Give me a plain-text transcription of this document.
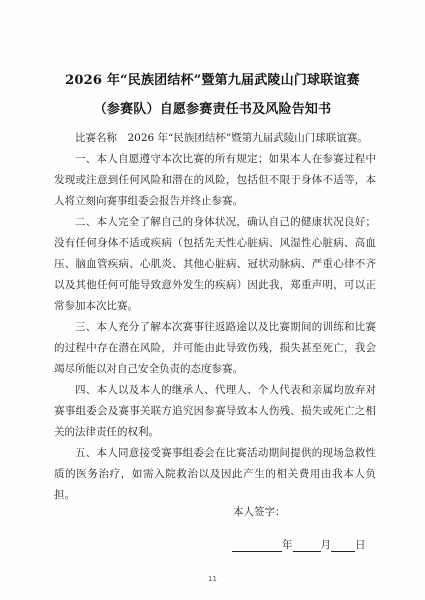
2026 年“民族团结杯”暨第九届武陵山门球联谊赛
（参赛队）自愿参赛责任书及风险告知书

比赛名称　2026 年“民族团结杯”暨第九届武陵山门球联谊赛。

一、本人自愿遵守本次比赛的所有规定；如果本人在参赛过程中发现或注意到任何风险和潜在的风险，包括但不限于身体不适等，本人将立刻向赛事组委会报告并终止参赛。

二、本人完全了解自己的身体状况，确认自己的健康状况良好；没有任何身体不适或疾病（包括先天性心脏病、风湿性心脏病、高血压、脑血管疾病、心肌炎、其他心脏病、冠状动脉病、严重心律不齐以及其他任何可能导致意外发生的疾病）因此我，郑重声明，可以正常参加本次比赛。

三、本人充分了解本次赛事往返路途以及比赛期间的训练和比赛的过程中存在潜在风险，并可能由此导致伤残，损失甚至死亡，我会竭尽所能以对自己安全负责的态度参赛。

四、本人以及本人的继承人、代理人、个人代表和亲属均放弃对赛事组委会及赛事关联方追究因参赛导致本人伤残、损失或死亡之相关的法律责任的权利。

五、本人同意接受赛事组委会在比赛活动期间提供的现场急救性质的医务治疗，如需入院救治以及因此产生的相关费用由我本人负担。

本人签字：
年	月 日
11
